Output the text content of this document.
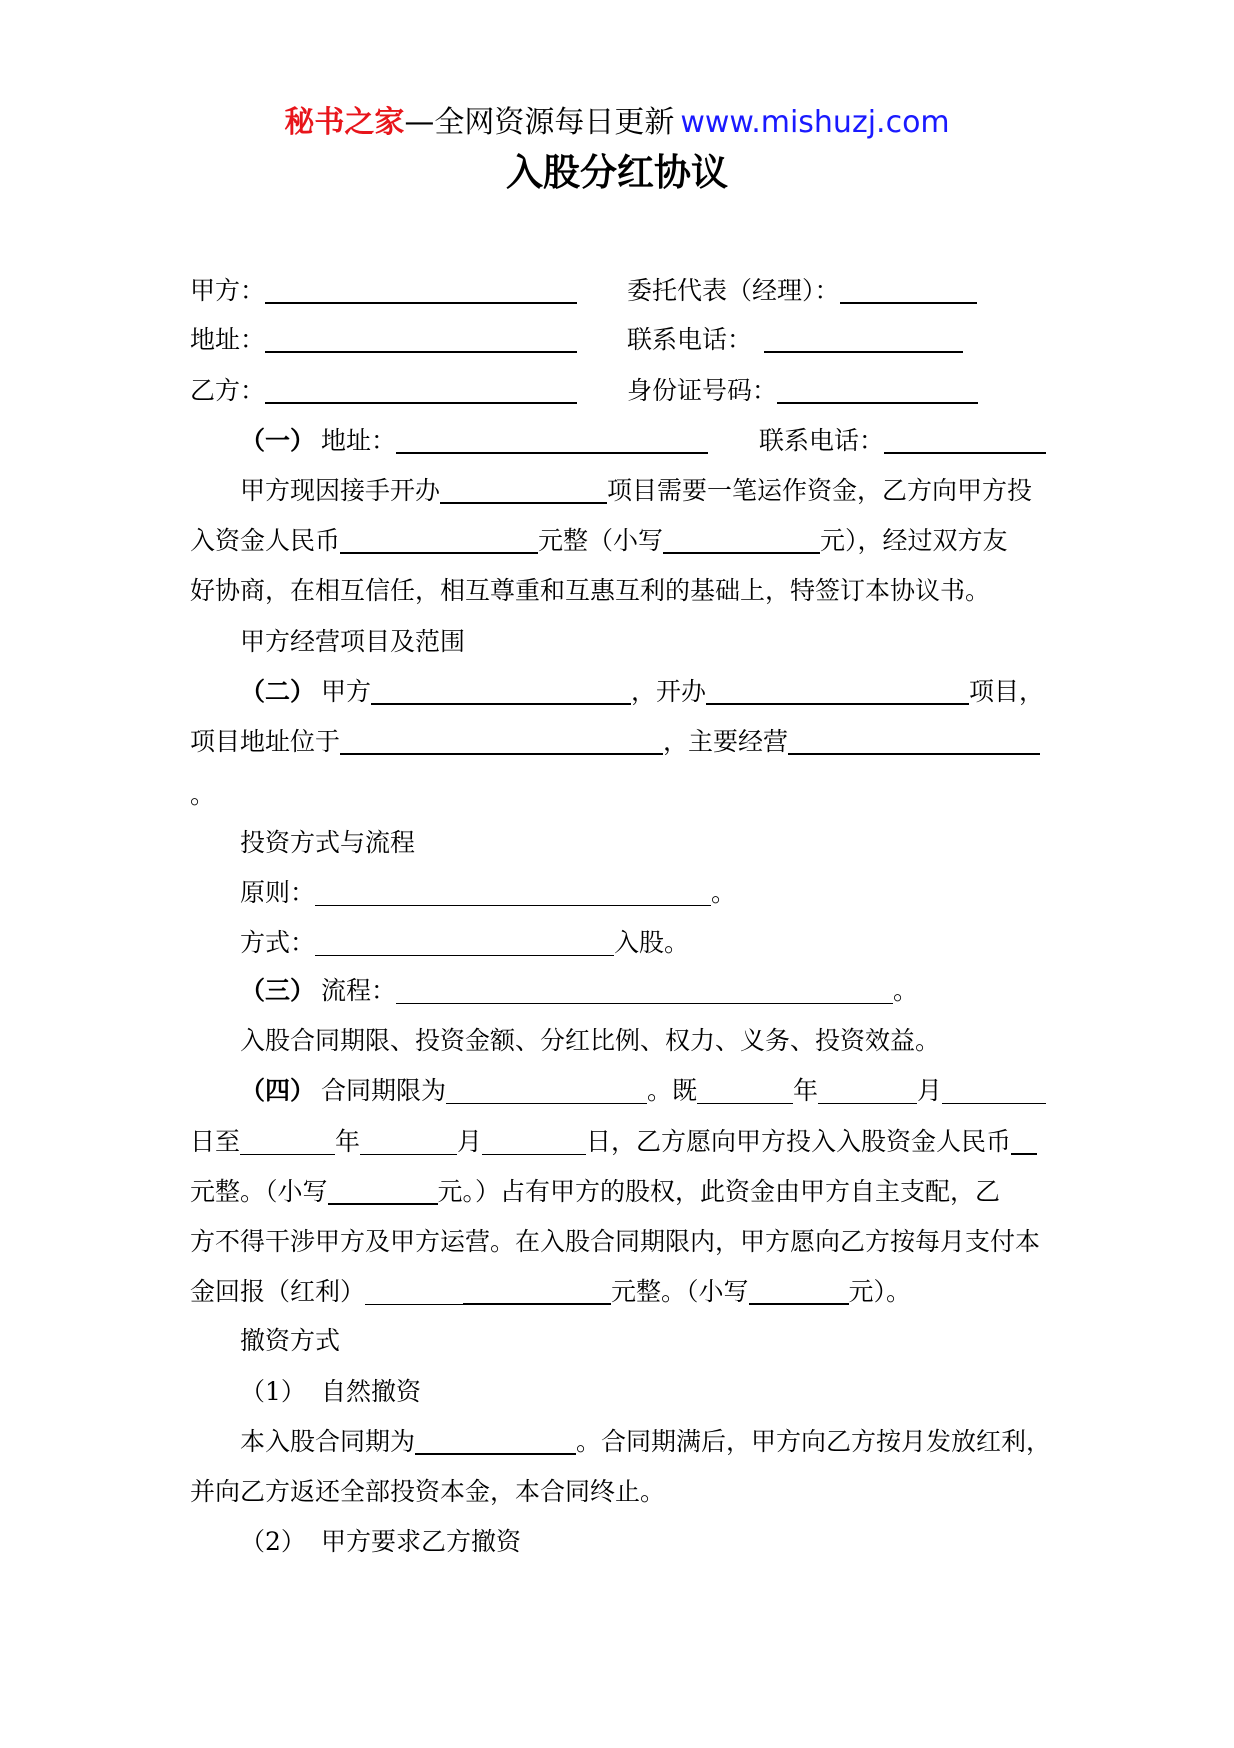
秘书之家—全网资源每日更新 www.mishuzj.com
入股分红协议
甲方：	委托代表（经理）：
地址：	联系电话：
乙方：	身份证号码：
（一） 地址：	联系电话：
甲方现因接手开办	项目需要一笔运作资金，乙方向甲方投
入资金人民币	元整（小写	元），经过双方友
好协商，在相互信任，相互尊重和互惠互利的基础上，特签订本协议书。
甲方经营项目及范围
（二） 甲方	，开办	项目，
项目地址位于	，主要经营
。
投资方式与流程
原则：	。
方式：	入股。
（三） 流程：	。
入股合同期限、投资金额、分红比例、权力、义务、投资效益。
（四） 合同期限为	。既	年	月
日至	年	月	日，乙方愿向甲方投入入股资金人民币
元整。（小写	元。）占有甲方的股权，此资金由甲方自主支配，乙
方不得干涉甲方及甲方运营。在入股合同期限内，甲方愿向乙方按每月支付本
金回报（红利）	元整。（小写	元）。
撤资方式
（1） 自然撤资
本入股合同期为	。合同期满后，甲方向乙方按月发放红利，
并向乙方返还全部投资本金，本合同终止。
（2） 甲方要求乙方撤资
